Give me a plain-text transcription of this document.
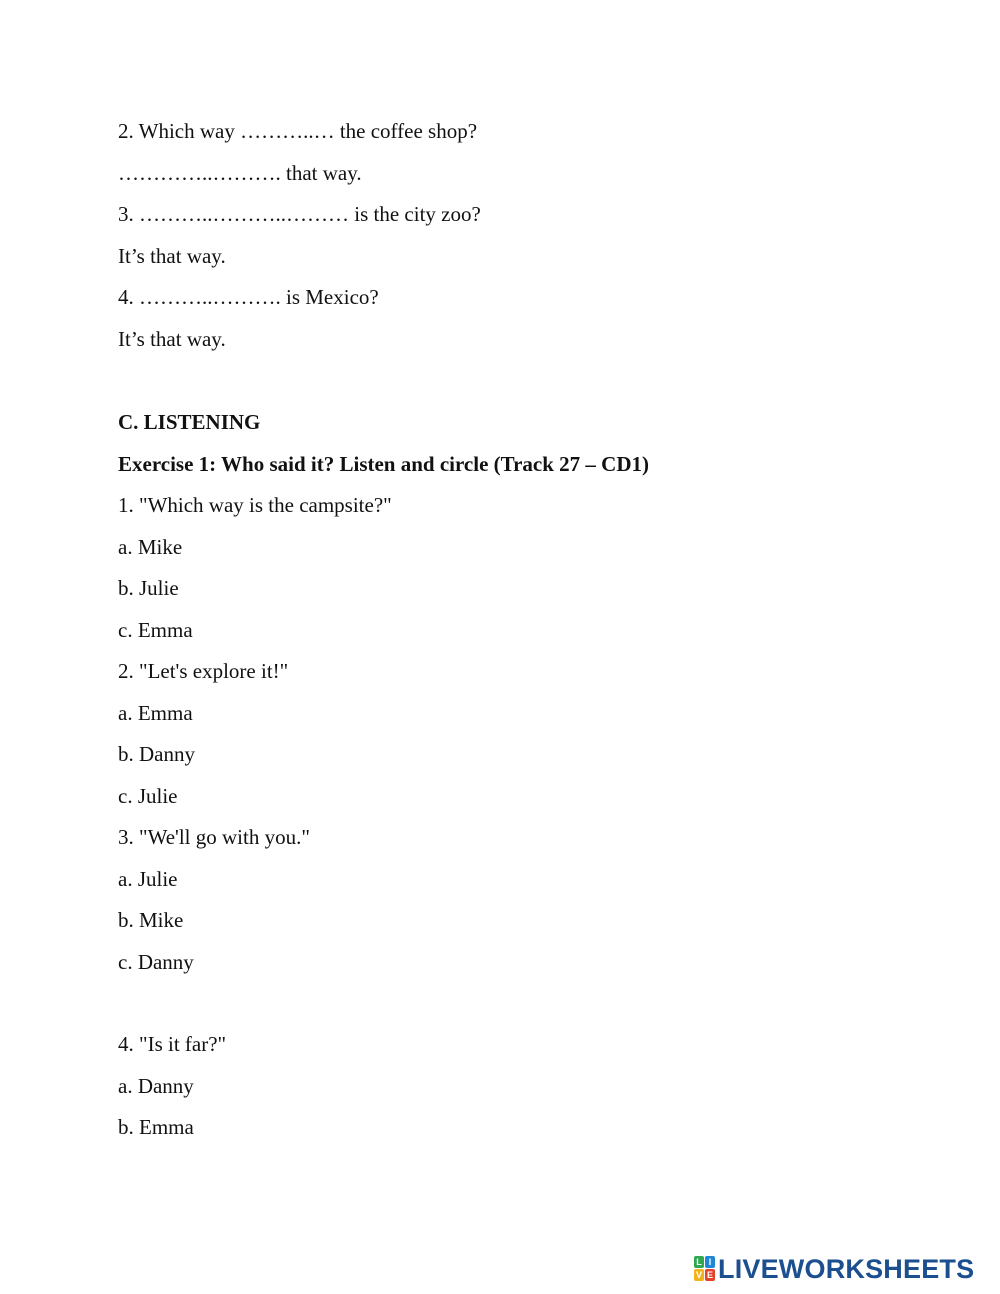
2. Which way ………..… the coffee shop?
…………..………. that way.
3. ………..………..……… is the city zoo?
It’s that way.
4. ………..………. is Mexico?
It’s that way.
C. LISTENING
Exercise 1: Who said it? Listen and circle (Track 27 – CD1)
1. "Which way is the campsite?"
a. Mike
b. Julie
c. Emma
2. "Let's explore it!"
a. Emma
b. Danny
c. Julie
3. "We'll go with you."
a. Julie
b. Mike
c. Danny
4. "Is it far?"
a. Danny
b. Emma
L I
V E LIVEWORKSHEETS
